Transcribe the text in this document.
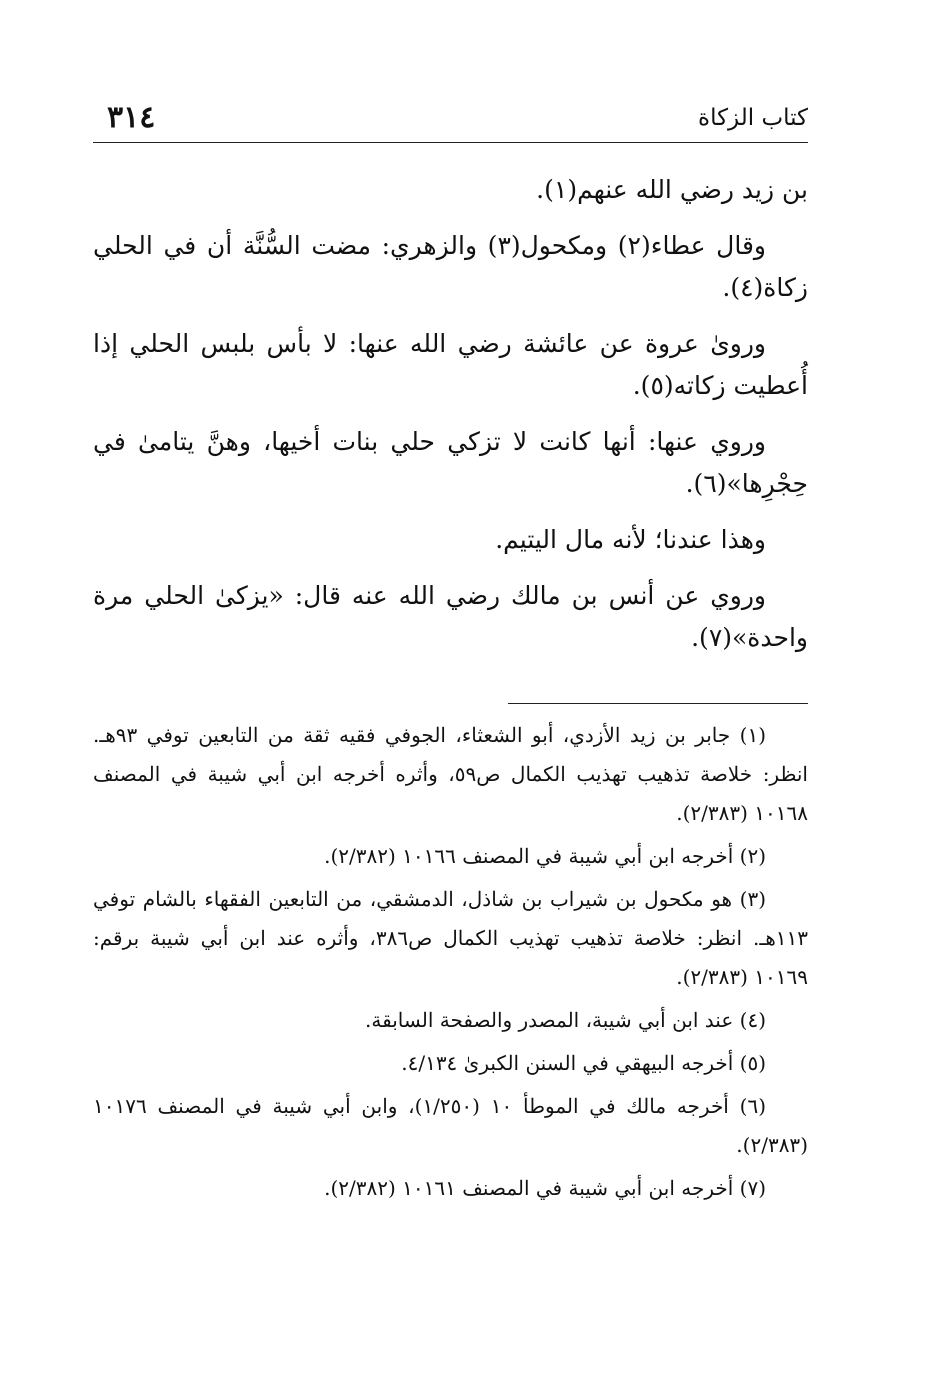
كتاب الزكاة
٣١٤

بن زيد رضي الله عنهم(١).

وقال عطاء(٢) ومكحول(٣) والزهري: مضت السُّنَّة أن في الحلي زكاة(٤).

وروىٰ عروة عن عائشة رضي الله عنها: لا بأس بلبس الحلي إذا أُعطيت زكاته(٥).

وروي عنها: أنها كانت لا تزكي حلي بنات أخيها، وهنَّ يتامىٰ في حِجْرِها»(٦).

وهذا عندنا؛ لأنه مال اليتيم.

وروي عن أنس بن مالك رضي الله عنه قال: «يزكىٰ الحلي مرة واحدة»(٧).

(١) جابر بن زيد الأزدي، أبو الشعثاء، الجوفي فقيه ثقة من التابعين توفي ٩٣هـ. انظر: خلاصة تذهيب تهذيب الكمال ص٥٩، وأثره أخرجه ابن أبي شيبة في المصنف ١٠١٦٨ (٢/٣٨٣).

(٢) أخرجه ابن أبي شيبة في المصنف ١٠١٦٦ (٢/٣٨٢).

(٣) هو مكحول بن شيراب بن شاذل، الدمشقي، من التابعين الفقهاء بالشام توفي ١١٣هـ. انظر: خلاصة تذهيب تهذيب الكمال ص٣٨٦، وأثره عند ابن أبي شيبة برقم: ١٠١٦٩ (٢/٣٨٣).

(٤) عند ابن أبي شيبة، المصدر والصفحة السابقة.

(٥) أخرجه البيهقي في السنن الكبرىٰ ٤/١٣٤.

(٦) أخرجه مالك في الموطأ ١٠ (١/٢٥٠)، وابن أبي شيبة في المصنف ١٠١٧٦ (٢/٣٨٣).

(٧) أخرجه ابن أبي شيبة في المصنف ١٠١٦١ (٢/٣٨٢).
